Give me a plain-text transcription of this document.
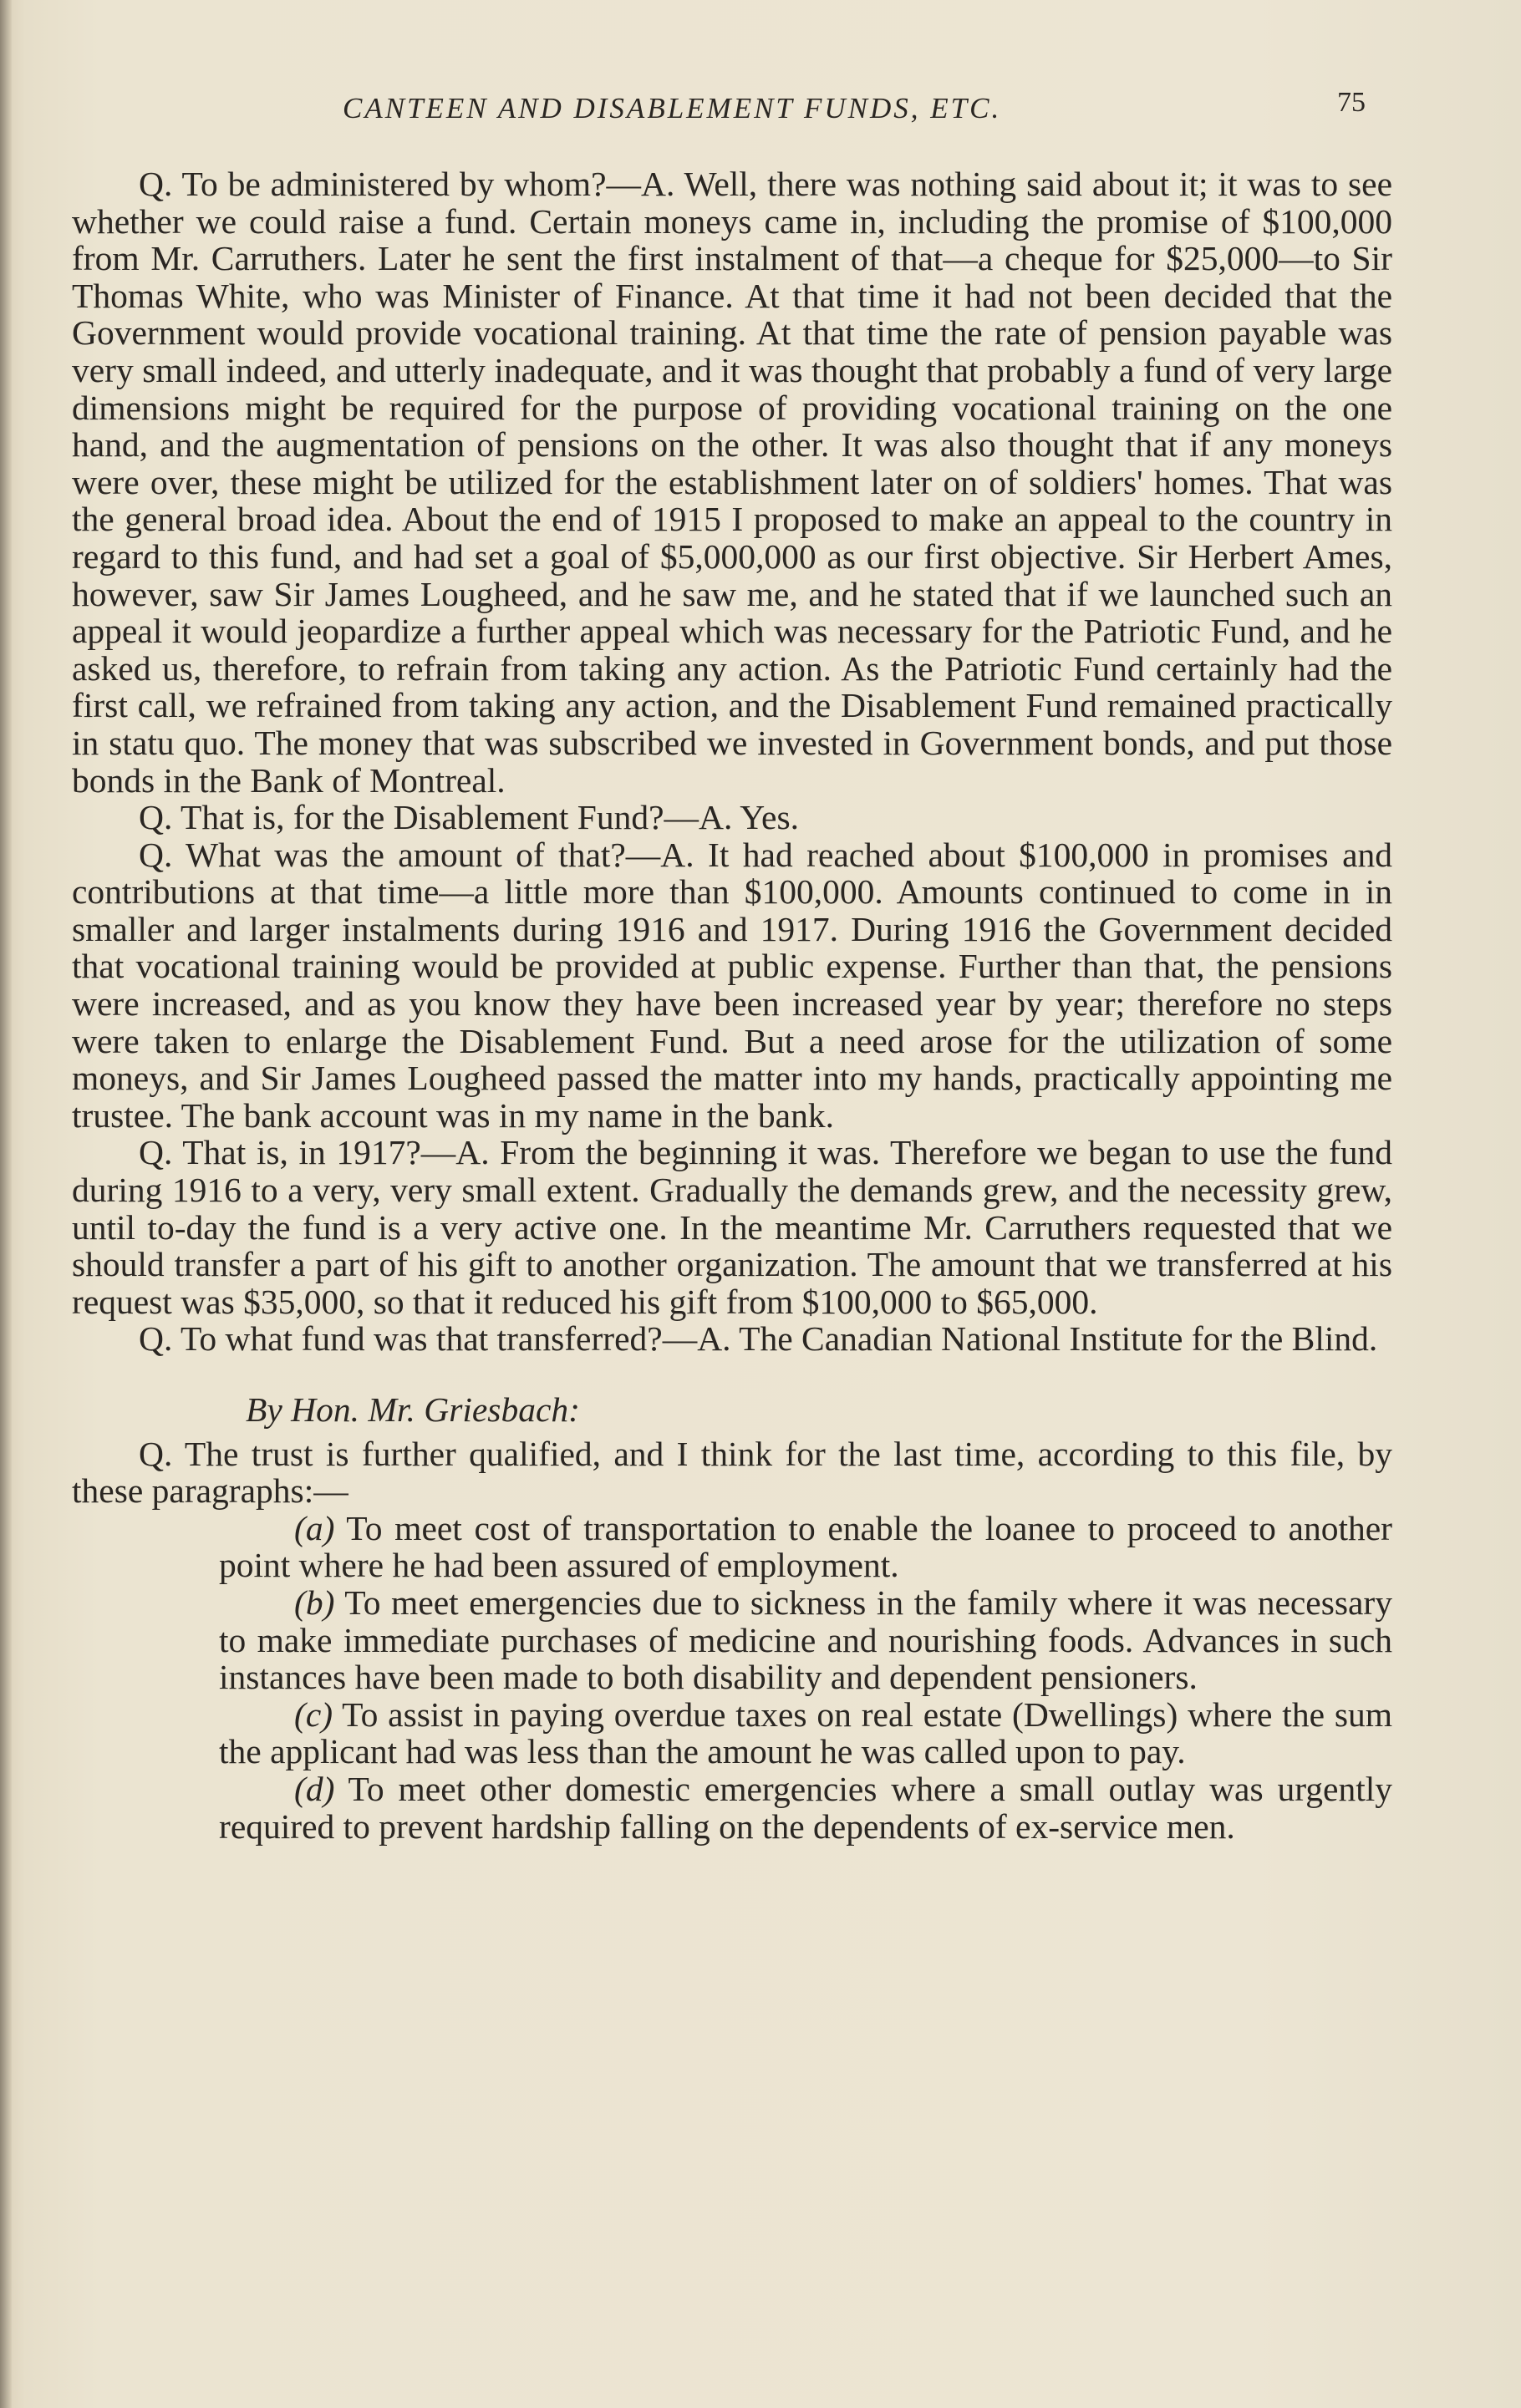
CANTEEN AND DISABLEMENT FUNDS, ETC.	75

Q. To be administered by whom?—A. Well, there was nothing said about it; it was to see whether we could raise a fund. Certain moneys came in, including the promise of $100,000 from Mr. Carruthers. Later he sent the first instalment of that—a cheque for $25,000—to Sir Thomas White, who was Minister of Finance. At that time it had not been decided that the Government would provide vocational training. At that time the rate of pension payable was very small indeed, and utterly inadequate, and it was thought that probably a fund of very large dimensions might be required for the purpose of providing vocational training on the one hand, and the augmentation of pensions on the other. It was also thought that if any moneys were over, these might be utilized for the establishment later on of soldiers' homes. That was the general broad idea. About the end of 1915 I proposed to make an appeal to the country in regard to this fund, and had set a goal of $5,000,000 as our first objective. Sir Herbert Ames, however, saw Sir James Lougheed, and he saw me, and he stated that if we launched such an appeal it would jeopardize a further appeal which was necessary for the Patriotic Fund, and he asked us, therefore, to refrain from taking any action. As the Patriotic Fund certainly had the first call, we refrained from taking any action, and the Disablement Fund remained practically in statu quo. The money that was subscribed we invested in Government bonds, and put those bonds in the Bank of Montreal.

Q. That is, for the Disablement Fund?—A. Yes.

Q. What was the amount of that?—A. It had reached about $100,000 in promises and contributions at that time—a little more than $100,000. Amounts continued to come in in smaller and larger instalments during 1916 and 1917. During 1916 the Government decided that vocational training would be provided at public expense. Further than that, the pensions were increased, and as you know they have been increased year by year; therefore no steps were taken to enlarge the Disablement Fund. But a need arose for the utilization of some moneys, and Sir James Lougheed passed the matter into my hands, practically appointing me trustee. The bank account was in my name in the bank.

Q. That is, in 1917?—A. From the beginning it was. Therefore we began to use the fund during 1916 to a very, very small extent. Gradually the demands grew, and the necessity grew, until to-day the fund is a very active one. In the meantime Mr. Carruthers requested that we should transfer a part of his gift to another organization. The amount that we transferred at his request was $35,000, so that it reduced his gift from $100,000 to $65,000.

Q. To what fund was that transferred?—A. The Canadian National Institute for the Blind.

By Hon. Mr. Griesbach:

Q. The trust is further qualified, and I think for the last time, according to this file, by these paragraphs:—

(a) To meet cost of transportation to enable the loanee to proceed to another point where he had been assured of employment.

(b) To meet emergencies due to sickness in the family where it was necessary to make immediate purchases of medicine and nourishing foods. Advances in such instances have been made to both disability and dependent pensioners.

(c) To assist in paying overdue taxes on real estate (Dwellings) where the sum the applicant had was less than the amount he was called upon to pay.

(d) To meet other domestic emergencies where a small outlay was urgently required to prevent hardship falling on the dependents of ex-service men.
